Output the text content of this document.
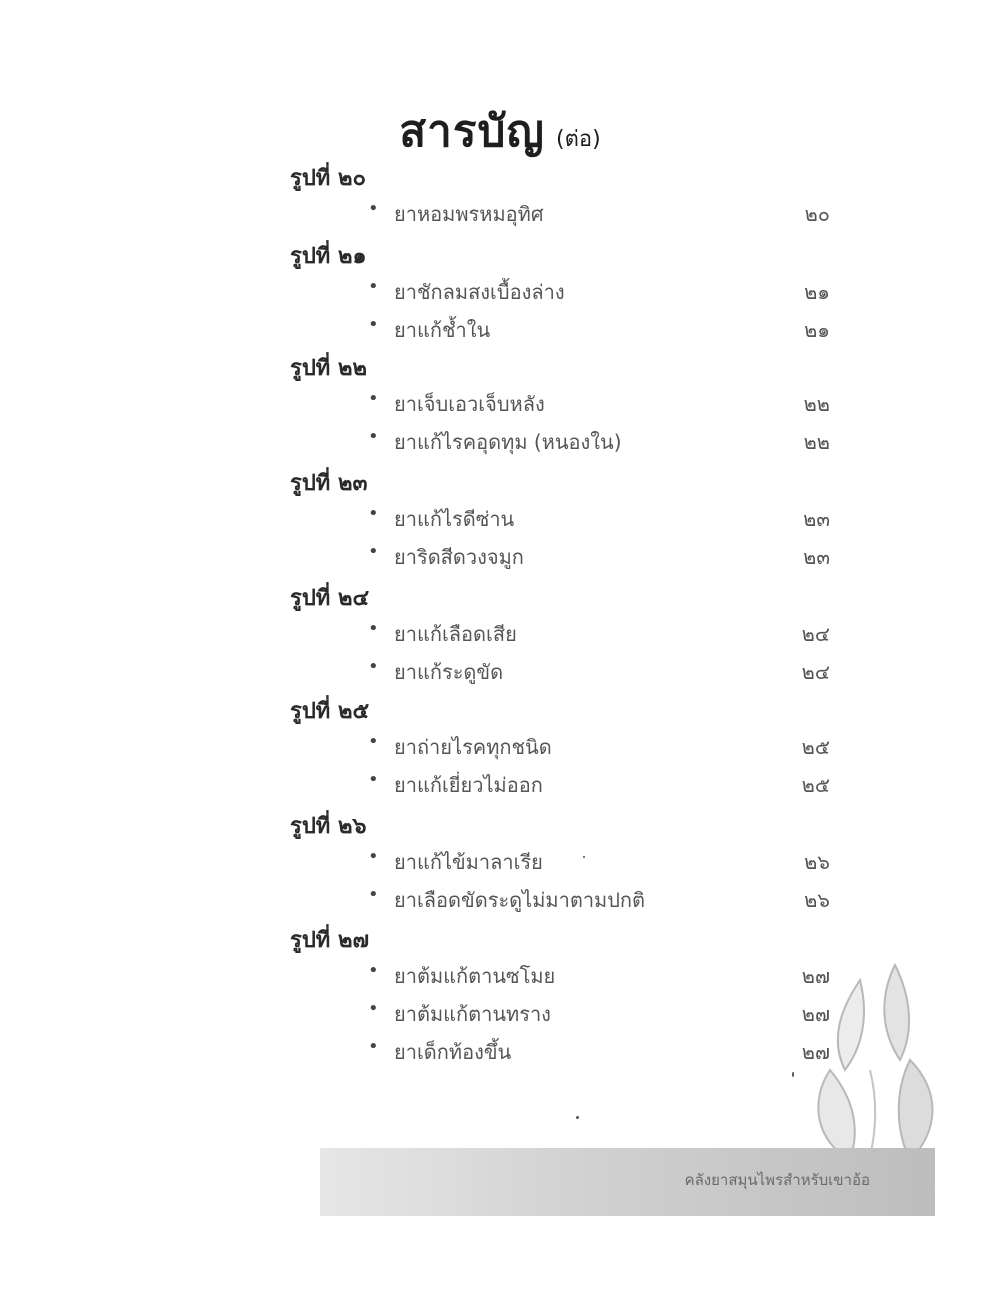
สารบัญ (ต่อ)
รูปที่ ๒๐
• ยาหอมพรหมอุทิศ	๒๐
รูปที่ ๒๑
• ยาชักลมสงเบื้องล่าง	๒๑
• ยาแก้ช้ำใน	๒๑
รูปที่ ๒๒
• ยาเจ็บเอวเจ็บหลัง	๒๒
• ยาแก้ไรคอุดทุม (หนองใน)	๒๒
รูปที่ ๒๓
• ยาแก้ไรดีซ่าน	๒๓
• ยาริดสีดวงจมูก	๒๓
รูปที่ ๒๔
• ยาแก้เลือดเสีย	๒๔
• ยาแก้ระดูขัด	๒๔
รูปที่ ๒๕
• ยาถ่ายไรคทุกชนิด	๒๕
• ยาแก้เยี่ยวไม่ออก	๒๕
รูปที่ ๒๖
• ยาแก้ไข้มาลาเรีย	๒๖
• ยาเลือดขัดระดูไม่มาตามปกติ	๒๖
รูปที่ ๒๗
• ยาต้มแก้ตานซโมย	๒๗
• ยาต้มแก้ตานทราง	๒๗
• ยาเด็กท้องขึ้น	๒๗
คลังยาสมุนไพรสำหรับเขาอ้อ
